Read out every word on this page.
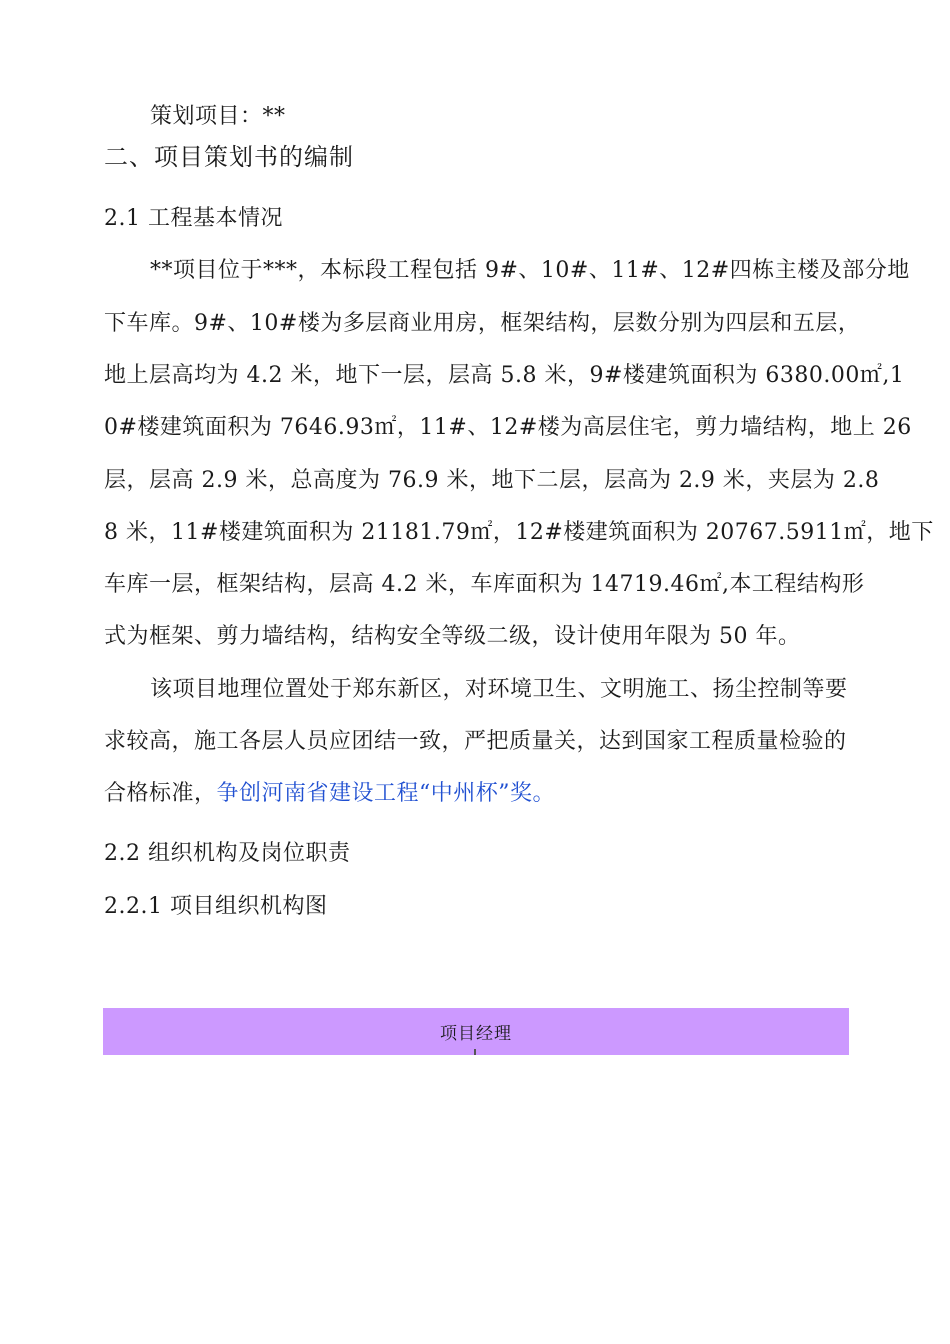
策划项目：**
二、项目策划书的编制
2.1 工程基本情况
**项目位于***，本标段工程包括 9#、10#、11#、12#四栋主楼及部分地
下车库。9#、10#楼为多层商业用房，框架结构，层数分别为四层和五层，
地上层高均为 4.2 米，地下一层，层高 5.8 米，9#楼建筑面积为 6380.00㎡,1
0#楼建筑面积为 7646.93㎡，11#、12#楼为高层住宅，剪力墙结构，地上 26
层，层高 2.9 米，总高度为 76.9 米，地下二层，层高为 2.9 米，夹层为 2.8
8 米，11#楼建筑面积为 21181.79㎡，12#楼建筑面积为 20767.5911㎡，地下
车库一层，框架结构，层高 4.2 米，车库面积为 14719.46㎡,本工程结构形
式为框架、剪力墙结构，结构安全等级二级，设计使用年限为 50 年。
该项目地理位置处于郑东新区，对环境卫生、文明施工、扬尘控制等要
求较高，施工各层人员应团结一致，严把质量关，达到国家工程质量检验的
合格标准，争创河南省建设工程“中州杯”奖。
2.2 组织机构及岗位职责
2.2.1 项目组织机构图
项目经理
